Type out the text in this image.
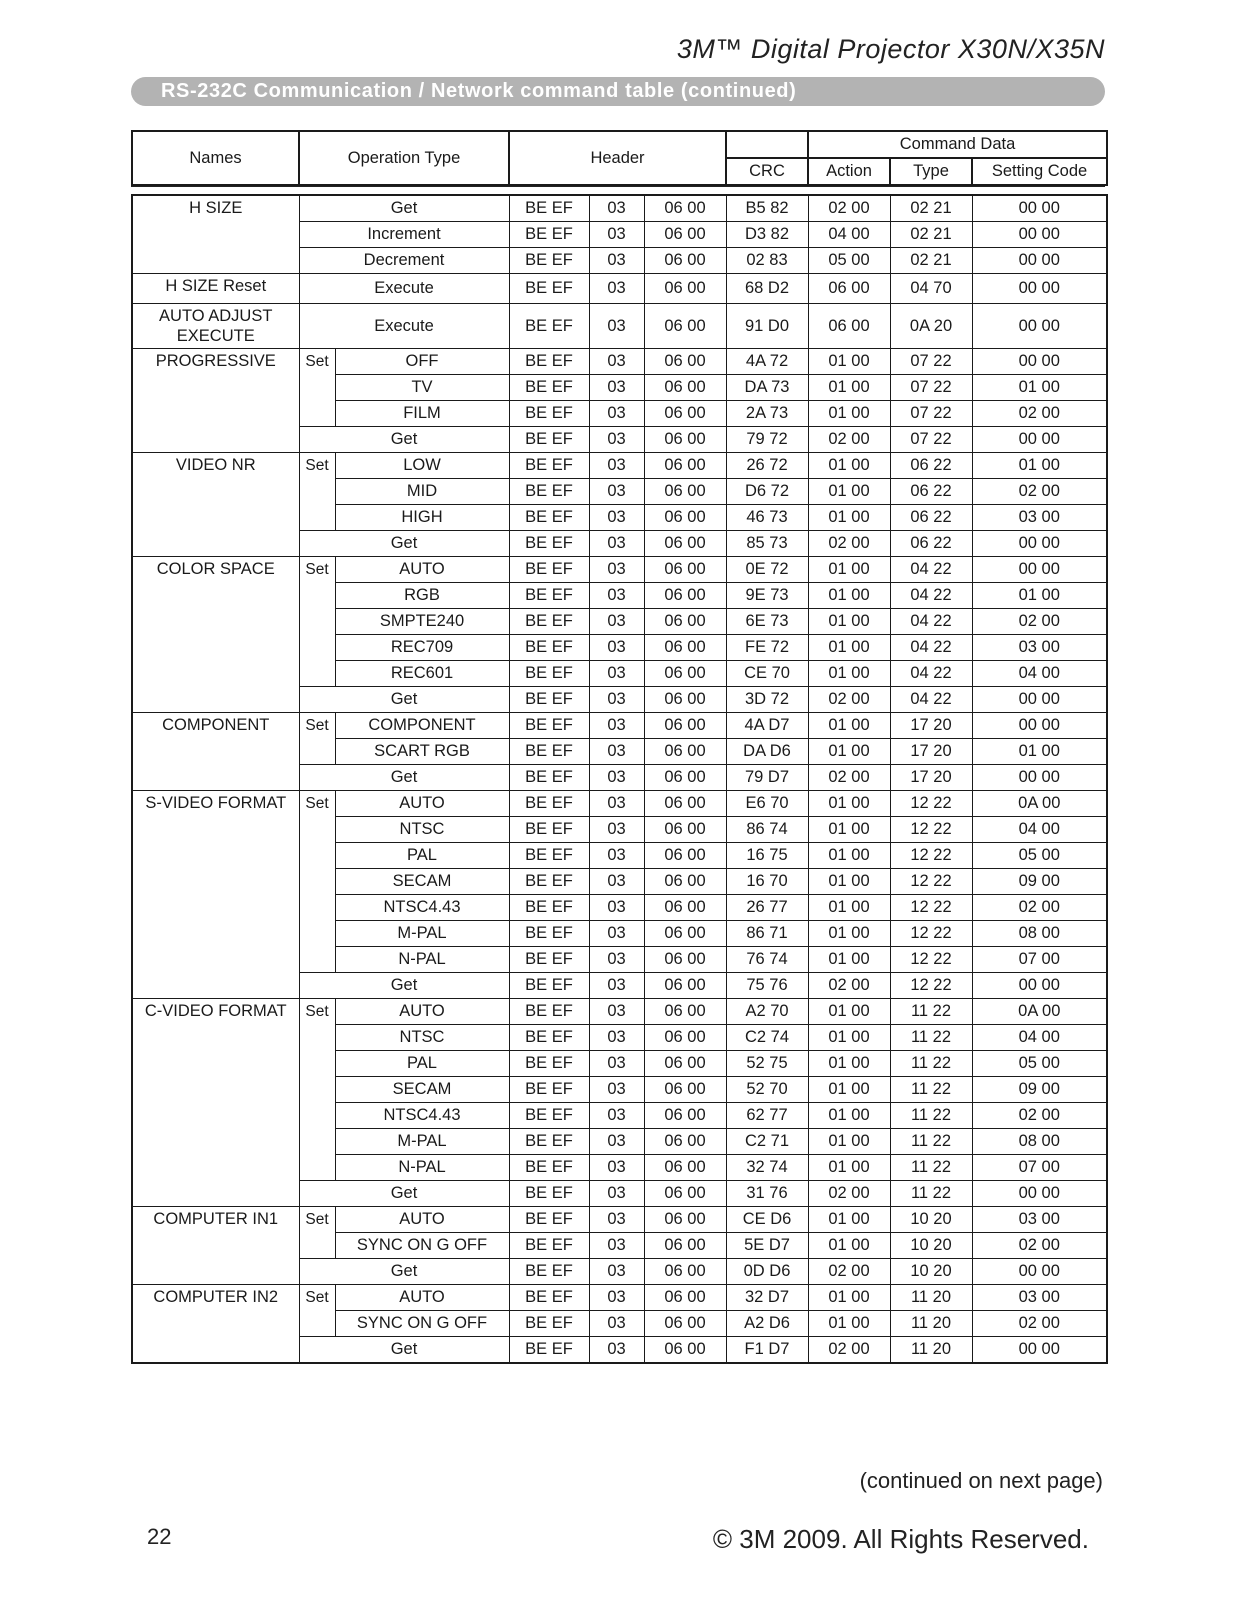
3M™ Digital Projector X30N/X35N
RS-232C Communication / Network command table (continued)
Names	Operation Type	Header		Command Data		
			CRC	Action	Type	Setting Code
H SIZE	Get		BE EF	03	06 00	B5 82	02 00	02 21	00 00
	Increment		BE EF	03	06 00	D3 82	04 00	02 21	00 00
	Decrement		BE EF	03	06 00	02 83	05 00	02 21	00 00
H SIZE Reset	Execute		BE EF	03	06 00	68 D2	06 00	04 70	00 00
AUTO ADJUST EXECUTE	Execute		BE EF	03	06 00	91 D0	06 00	0A 20	00 00
PROGRESSIVE	Set	OFF	BE EF	03	06 00	4A 72	01 00	07 22	00 00
		TV	BE EF	03	06 00	DA 73	01 00	07 22	01 00
		FILM	BE EF	03	06 00	2A 73	01 00	07 22	02 00
	Get		BE EF	03	06 00	79 72	02 00	07 22	00 00
VIDEO NR	Set	LOW	BE EF	03	06 00	26 72	01 00	06 22	01 00
		MID	BE EF	03	06 00	D6 72	01 00	06 22	02 00
		HIGH	BE EF	03	06 00	46 73	01 00	06 22	03 00
	Get		BE EF	03	06 00	85 73	02 00	06 22	00 00
COLOR SPACE	Set	AUTO	BE EF	03	06 00	0E 72	01 00	04 22	00 00
		RGB	BE EF	03	06 00	9E 73	01 00	04 22	01 00
		SMPTE240	BE EF	03	06 00	6E 73	01 00	04 22	02 00
		REC709	BE EF	03	06 00	FE 72	01 00	04 22	03 00
		REC601	BE EF	03	06 00	CE 70	01 00	04 22	04 00
	Get		BE EF	03	06 00	3D 72	02 00	04 22	00 00
COMPONENT	Set	COMPONENT	BE EF	03	06 00	4A D7	01 00	17 20	00 00
		SCART RGB	BE EF	03	06 00	DA D6	01 00	17 20	01 00
	Get		BE EF	03	06 00	79 D7	02 00	17 20	00 00
S-VIDEO FORMAT	Set	AUTO	BE EF	03	06 00	E6 70	01 00	12 22	0A 00
		NTSC	BE EF	03	06 00	86 74	01 00	12 22	04 00
		PAL	BE EF	03	06 00	16 75	01 00	12 22	05 00
		SECAM	BE EF	03	06 00	16 70	01 00	12 22	09 00
		NTSC4.43	BE EF	03	06 00	26 77	01 00	12 22	02 00
		M-PAL	BE EF	03	06 00	86 71	01 00	12 22	08 00
		N-PAL	BE EF	03	06 00	76 74	01 00	12 22	07 00
	Get		BE EF	03	06 00	75 76	02 00	12 22	00 00
C-VIDEO FORMAT	Set	AUTO	BE EF	03	06 00	A2 70	01 00	11 22	0A 00
		NTSC	BE EF	03	06 00	C2 74	01 00	11 22	04 00
		PAL	BE EF	03	06 00	52 75	01 00	11 22	05 00
		SECAM	BE EF	03	06 00	52 70	01 00	11 22	09 00
		NTSC4.43	BE EF	03	06 00	62 77	01 00	11 22	02 00
		M-PAL	BE EF	03	06 00	C2 71	01 00	11 22	08 00
		N-PAL	BE EF	03	06 00	32 74	01 00	11 22	07 00
	Get		BE EF	03	06 00	31 76	02 00	11 22	00 00
COMPUTER IN1	Set	AUTO	BE EF	03	06 00	CE D6	01 00	10 20	03 00
		SYNC ON G OFF	BE EF	03	06 00	5E D7	01 00	10 20	02 00
	Get		BE EF	03	06 00	0D D6	02 00	10 20	00 00
COMPUTER IN2	Set	AUTO	BE EF	03	06 00	32 D7	01 00	11 20	03 00
		SYNC ON G OFF	BE EF	03	06 00	A2 D6	01 00	11 20	02 00
	Get		BE EF	03	06 00	F1 D7	02 00	11 20	00 00
(continued on next page)
22	© 3M 2009. All Rights Reserved.
